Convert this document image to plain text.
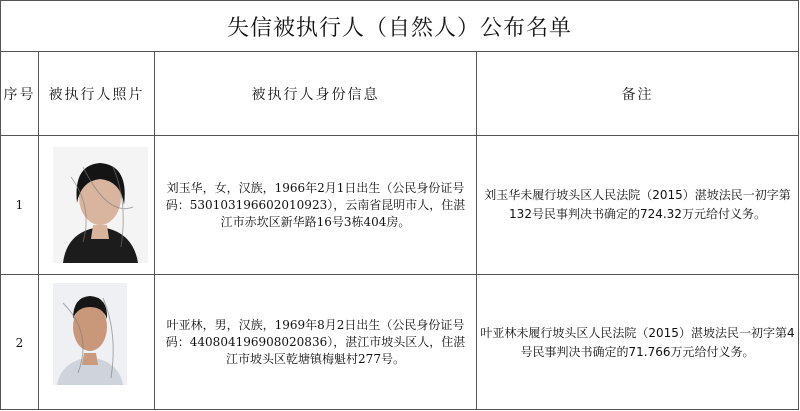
失信被执行人（自然人）公布名单
序号 被执行人照片	被执行人身份信息	备注
1
刘玉华，女，汉族，1966年2月1日出生（公民身份证号码：530103196602010923），云南省昆明市人，住湛江市赤坎区新华路16号3栋404房。
刘玉华未履行坡头区人民法院（2015）湛坡法民一初字第132号民事判决书确定的724.32万元给付义务。
2
叶亚林，男，汉族，1969年8月2日出生（公民身份证号码：440804196908020836），湛江市坡头区人，住湛江市坡头区乾塘镇梅魁村277号。
叶亚林未履行坡头区人民法院（2015）湛坡法民一初字第4号民事判决书确定的71.766万元给付义务。
